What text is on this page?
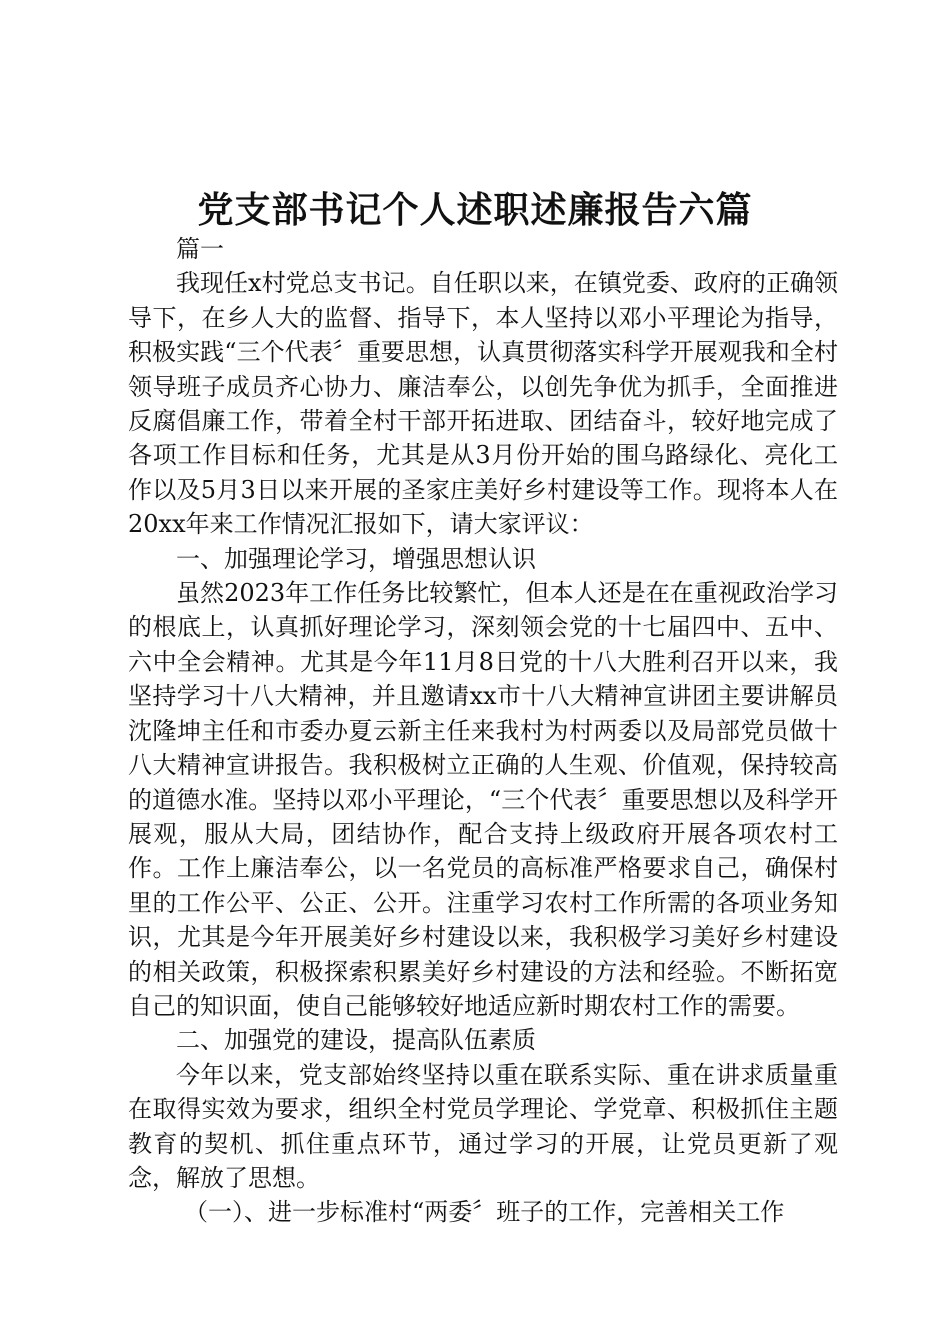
党支部书记个人述职述廉报告六篇

篇一

我现任x村党总支书记。自任职以来，在镇党委、政府的正确领导下，在乡人大的监督、指导下，本人坚持以邓小平理论为指导，积极实践“三个代表〞重要思想，认真贯彻落实科学开展观我和全村领导班子成员齐心协力、廉洁奉公，以创先争优为抓手，全面推进反腐倡廉工作，带着全村干部开拓进取、团结奋斗，较好地完成了各项工作目标和任务，尤其是从3月份开始的围乌路绿化、亮化工作以及5月3日以来开展的圣家庄美好乡村建设等工作。现将本人在20xx年来工作情况汇报如下，请大家评议：

一、加强理论学习，增强思想认识

虽然2023年工作任务比较繁忙，但本人还是在在重视政治学习的根底上，认真抓好理论学习，深刻领会党的十七届四中、五中、六中全会精神。尤其是今年11月8日党的十八大胜利召开以来，我坚持学习十八大精神，并且邀请xx市十八大精神宣讲团主要讲解员沈隆坤主任和市委办夏云新主任来我村为村两委以及局部党员做十八大精神宣讲报告。我积极树立正确的人生观、价值观，保持较高的道德水准。坚持以邓小平理论，“三个代表〞重要思想以及科学开展观，服从大局，团结协作，配合支持上级政府开展各项农村工作。工作上廉洁奉公，以一名党员的高标准严格要求自己，确保村里的工作公平、公正、公开。注重学习农村工作所需的各项业务知识，尤其是今年开展美好乡村建设以来，我积极学习美好乡村建设的相关政策，积极探索积累美好乡村建设的方法和经验。不断拓宽自己的知识面，使自己能够较好地适应新时期农村工作的需要。

二、加强党的建设，提高队伍素质

今年以来，党支部始终坚持以重在联系实际、重在讲求质量重在取得实效为要求，组织全村党员学理论、学党章、积极抓住主题教育的契机、抓住重点环节，通过学习的开展，让党员更新了观念，解放了思想。

（一）、进一步标准村“两委〞班子的工作，完善相关工作
